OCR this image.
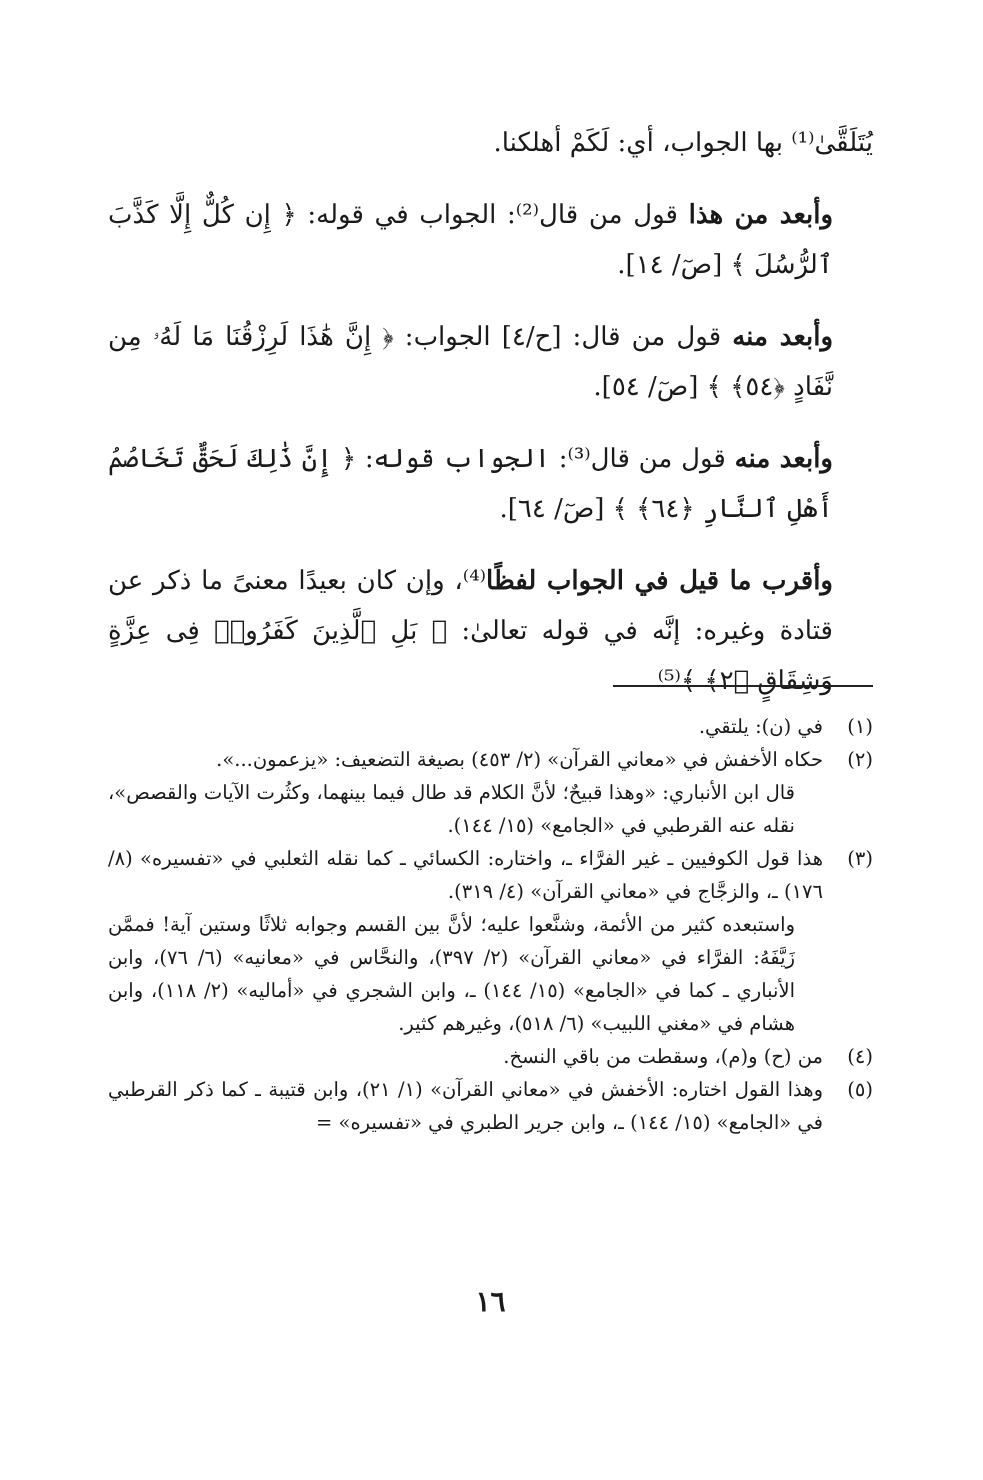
يُتَلَقَّىٰ⁽¹⁾ بها الجواب، أي: لَكَمْ أهلكنا.

وأبعد من هذا قول من قال⁽²⁾: الجواب في قوله: ﴿ إِن كُلٌّ إِلَّا كَذَّبَ ٱلرُّسُلَ ﴾ [صٓ/ ١٤].

وأبعد منه قول من قال: [ح/٤] الجواب: ﴿ إِنَّ هَٰذَا لَرِزْقُنَا مَا لَهُۥ مِن نَّفَادٍ ﴿٥٤﴾ ﴾ [صٓ/ ٥٤].

وأبعد منه قول من قال⁽³⁾: الجواب قوله: ﴿ إِنَّ ذَٰلِكَ لَحَقٌّ تَخَاصُمُ أَهْلِ ٱلنَّارِ ﴿٦٤﴾ ﴾ [صٓ/ ٦٤].

وأقرب ما قيل في الجواب لفظًا⁽⁴⁾، وإن كان بعيدًا معنىً ما ذكر عن قتادة وغيره: إنَّه في قوله تعالىٰ: ﴿ بَلِ ٱلَّذِينَ كَفَرُوا۟ فِى عِزَّةٍ وَشِقَاقٍ ﴿٢﴾ ﴾⁽⁵⁾

(١)
في (ن): يلتقي.
(٢)
حكاه الأخفش في «معاني القرآن» (٢/ ٤٥٣) بصيغة التضعيف: «يزعمون...».

قال ابن الأنباري: «وهذا قبيحٌ؛ لأنَّ الكلام قد طال فيما بينهما، وكثُرت الآيات والقصص»، نقله عنه القرطبي في «الجامع» (١٥/ ١٤٤).

(٣)
هذا قول الكوفيين ـ غير الفرَّاء ـ، واختاره: الكسائي ـ كما نقله الثعلبي في «تفسيره» (٨/ ١٧٦) ـ، والزجَّاج في «معاني القرآن» (٤/ ٣١٩).

واستبعده كثير من الأئمة، وشنَّعوا عليه؛ لأنَّ بين القسم وجوابه ثلاثًا وستين آية! فممَّن زَيَّفَهُ: الفرَّاء في «معاني القرآن» (٢/ ٣٩٧)، والنحَّاس في «معانيه» (٦/ ٧٦)، وابن الأنباري ـ كما في «الجامع» (١٥/ ١٤٤) ـ، وابن الشجري في «أماليه» (٢/ ١١٨)، وابن هشام في «مغني اللبيب» (٦/ ٥١٨)، وغيرهم كثير.

(٤)
من (ح) و(م)، وسقطت من باقي النسخ.
(٥)
وهذا القول اختاره: الأخفش في «معاني القرآن» (١/ ٢١)، وابن قتيبة ـ كما ذكر القرطبي في «الجامع» (١٥/ ١٤٤) ـ، وابن جرير الطبري في «تفسيره» =
١٦
